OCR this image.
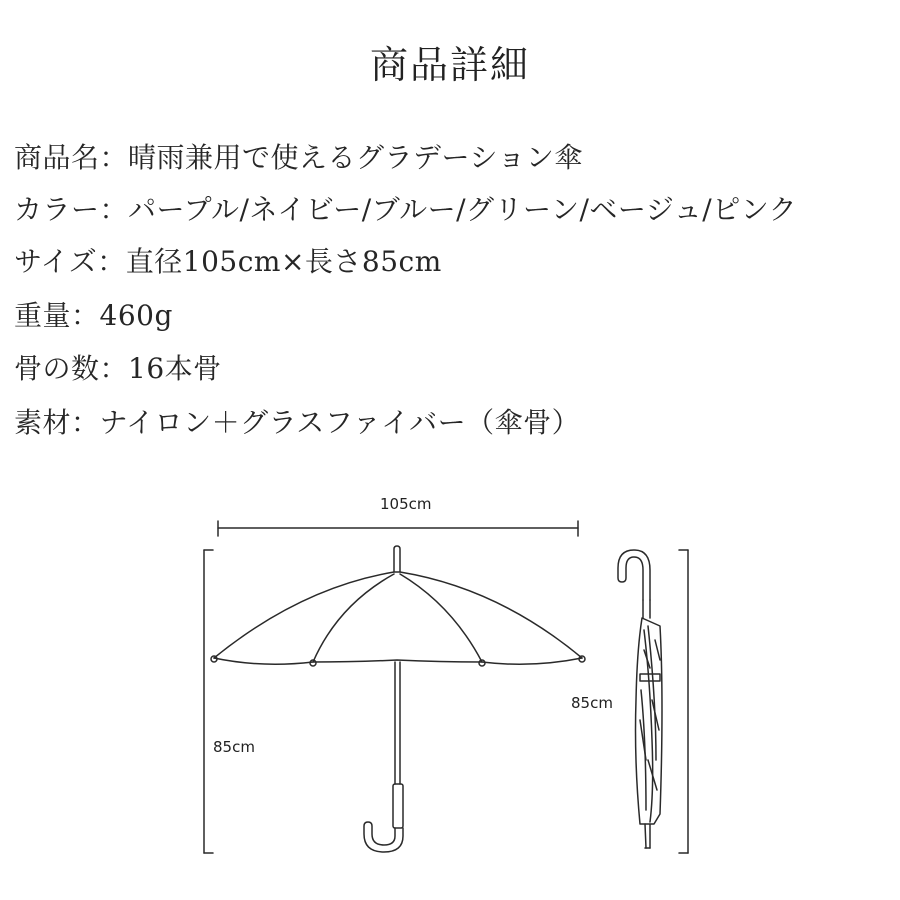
商品詳細
商品名：晴雨兼用で使えるグラデーション傘
カラー：パープル/ネイビー/ブルー/グリーン/ベージュ/ピンク
サイズ：直径105cm×長さ85cm
重量：460g
骨の数：16本骨
素材：ナイロン＋グラスファイバー（傘骨）
105cm
85cm
85cm
